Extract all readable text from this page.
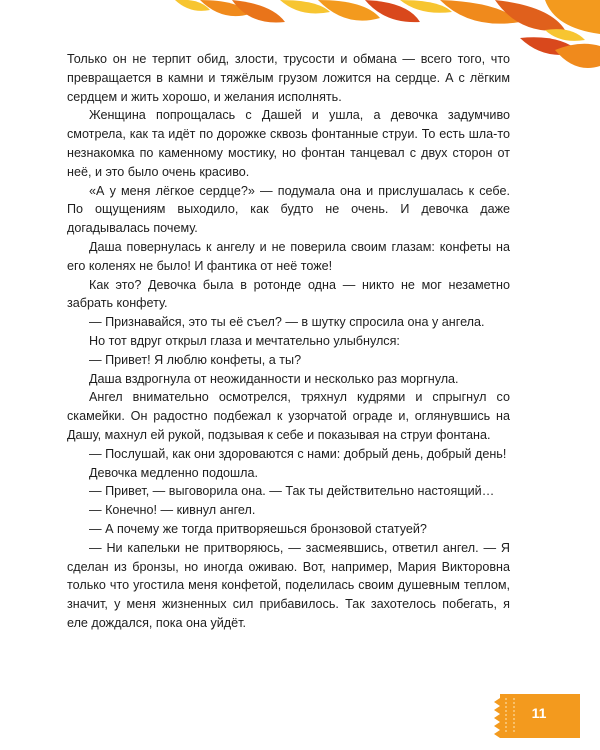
Только он не терпит обид, злости, трусости и обмана — всего того, что превращается в камни и тяжёлым грузом ложится на сердце. А с лёгким сердцем и жить хорошо, и желания исполнять.

Женщина попрощалась с Дашей и ушла, а девочка задумчиво смотрела, как та идёт по дорожке сквозь фонтанные струи. То есть шла-то незнакомка по каменному мостику, но фонтан танцевал с двух сторон от неё, и это было очень красиво.

«А у меня лёгкое сердце?» — подумала она и прислушалась к себе. По ощущениям выходило, как будто не очень. И девочка даже догадывалась почему.

Даша повернулась к ангелу и не поверила своим глазам: конфеты на его коленях не было! И фантика от неё тоже!

Как это? Девочка была в ротонде одна — никто не мог незаметно забрать конфету.

— Признавайся, это ты её съел? — в шутку спросила она у ангела.

Но тот вдруг открыл глаза и мечтательно улыбнулся:

— Привет! Я люблю конфеты, а ты?

Даша вздрогнула от неожиданности и несколько раз моргнула.

Ангел внимательно осмотрелся, тряхнул кудрями и спрыгнул со скамейки. Он радостно подбежал к узорчатой ограде и, оглянувшись на Дашу, махнул ей рукой, подзывая к себе и показывая на струи фонтана.

— Послушай, как они здороваются с нами: добрый день, добрый день!

Девочка медленно подошла.

— Привет, — выговорила она. — Так ты действительно настоящий…

— Конечно! — кивнул ангел.

— А почему же тогда притворяешься бронзовой статуей?

— Ни капельки не притворяюсь, — засмеявшись, ответил ангел. — Я сделан из бронзы, но иногда оживаю. Вот, например, Мария Викторовна только что угостила меня конфетой, поделилась своим душевным теплом, значит, у меня жизненных сил прибавилось. Так захотелось побегать, я еле дождался, пока она уйдёт.

11
